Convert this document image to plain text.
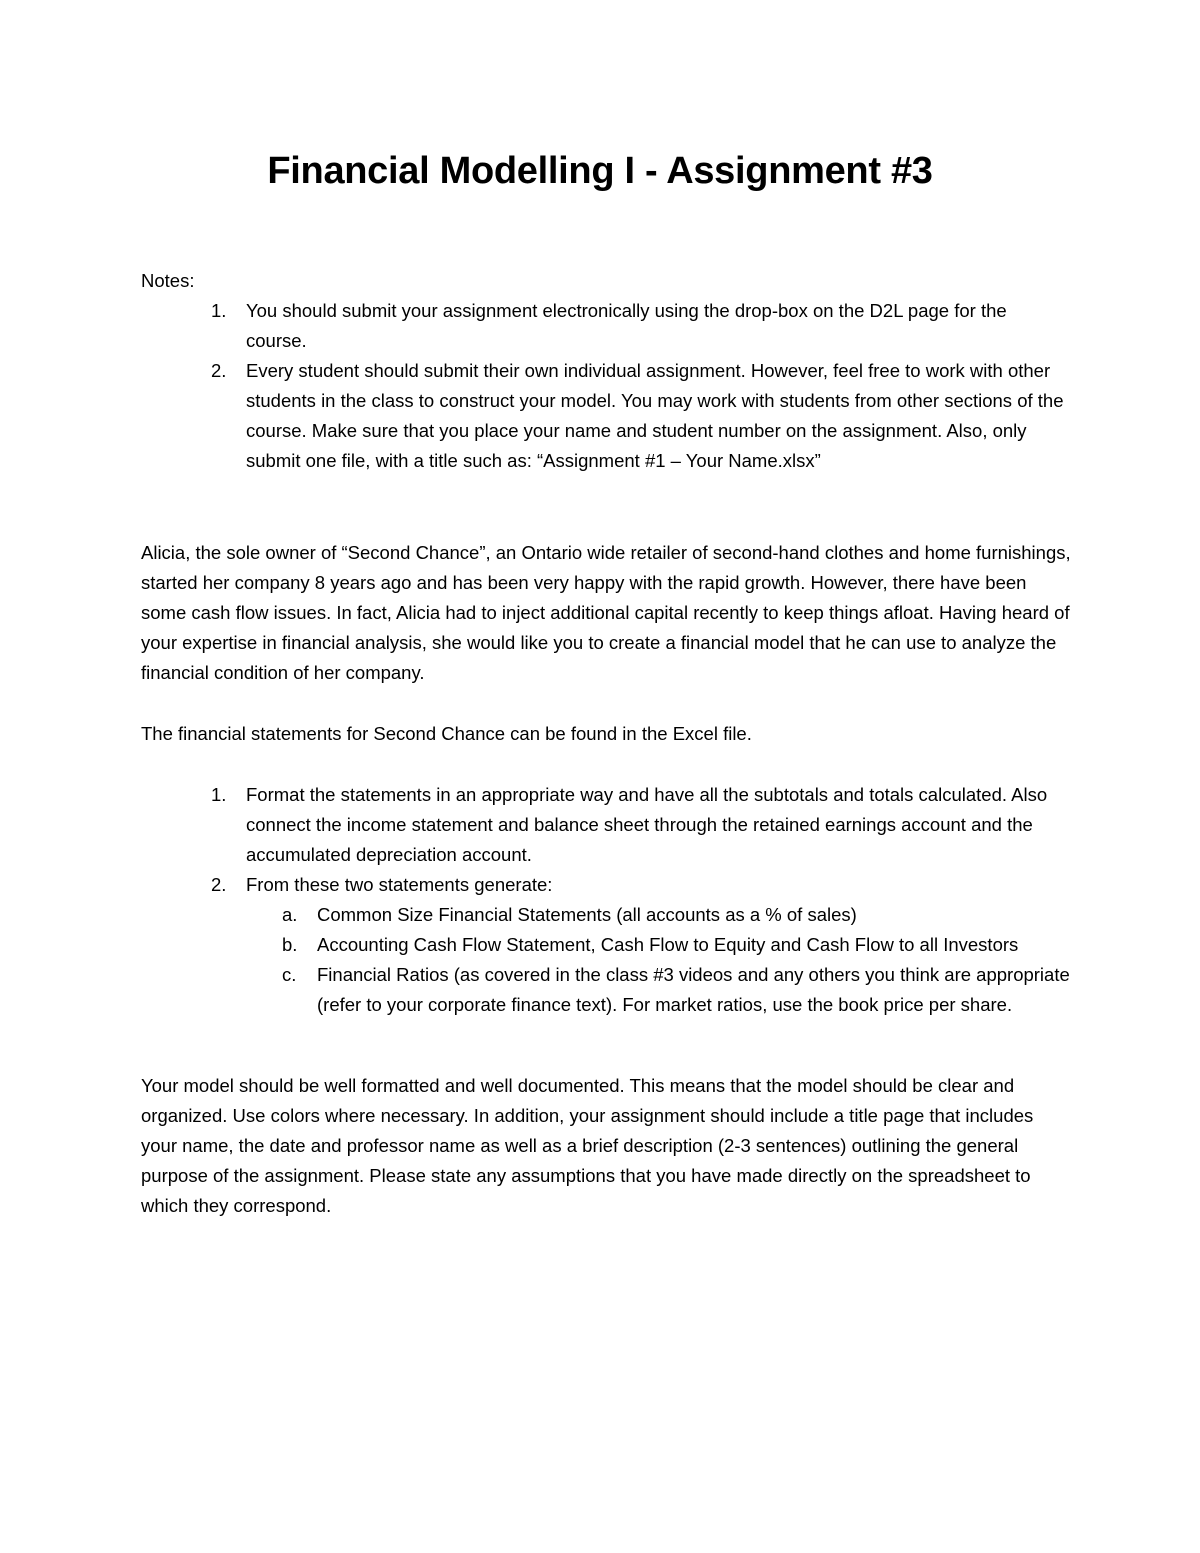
Financial Modelling I - Assignment #3
Notes:
1. You should submit your assignment electronically using the drop-box on the D2L page for the course.
2. Every student should submit their own individual assignment. However, feel free to work with other students in the class to construct your model. You may work with students from other sections of the course. Make sure that you place your name and student number on the assignment. Also, only submit one file, with a title such as: “Assignment #1 – Your Name.xlsx”

Alicia, the sole owner of “Second Chance”, an Ontario wide retailer of second-hand clothes and home furnishings, started her company 8 years ago and has been very happy with the rapid growth. However, there have been some cash flow issues. In fact, Alicia had to inject additional capital recently to keep things afloat. Having heard of your expertise in financial analysis, she would like you to create a financial model that he can use to analyze the financial condition of her company.

The financial statements for Second Chance can be found in the Excel file.

1. Format the statements in an appropriate way and have all the subtotals and totals calculated. Also connect the income statement and balance sheet through the retained earnings account and the accumulated depreciation account.
2. From these two statements generate:
a. Common Size Financial Statements (all accounts as a % of sales)
b. Accounting Cash Flow Statement, Cash Flow to Equity and Cash Flow to all Investors
c. Financial Ratios (as covered in the class #3 videos and any others you think are appropriate (refer to your corporate finance text). For market ratios, use the book price per share.

Your model should be well formatted and well documented. This means that the model should be clear and organized. Use colors where necessary. In addition, your assignment should include a title page that includes your name, the date and professor name as well as a brief description (2-3 sentences) outlining the general purpose of the assignment. Please state any assumptions that you have made directly on the spreadsheet to which they correspond.
